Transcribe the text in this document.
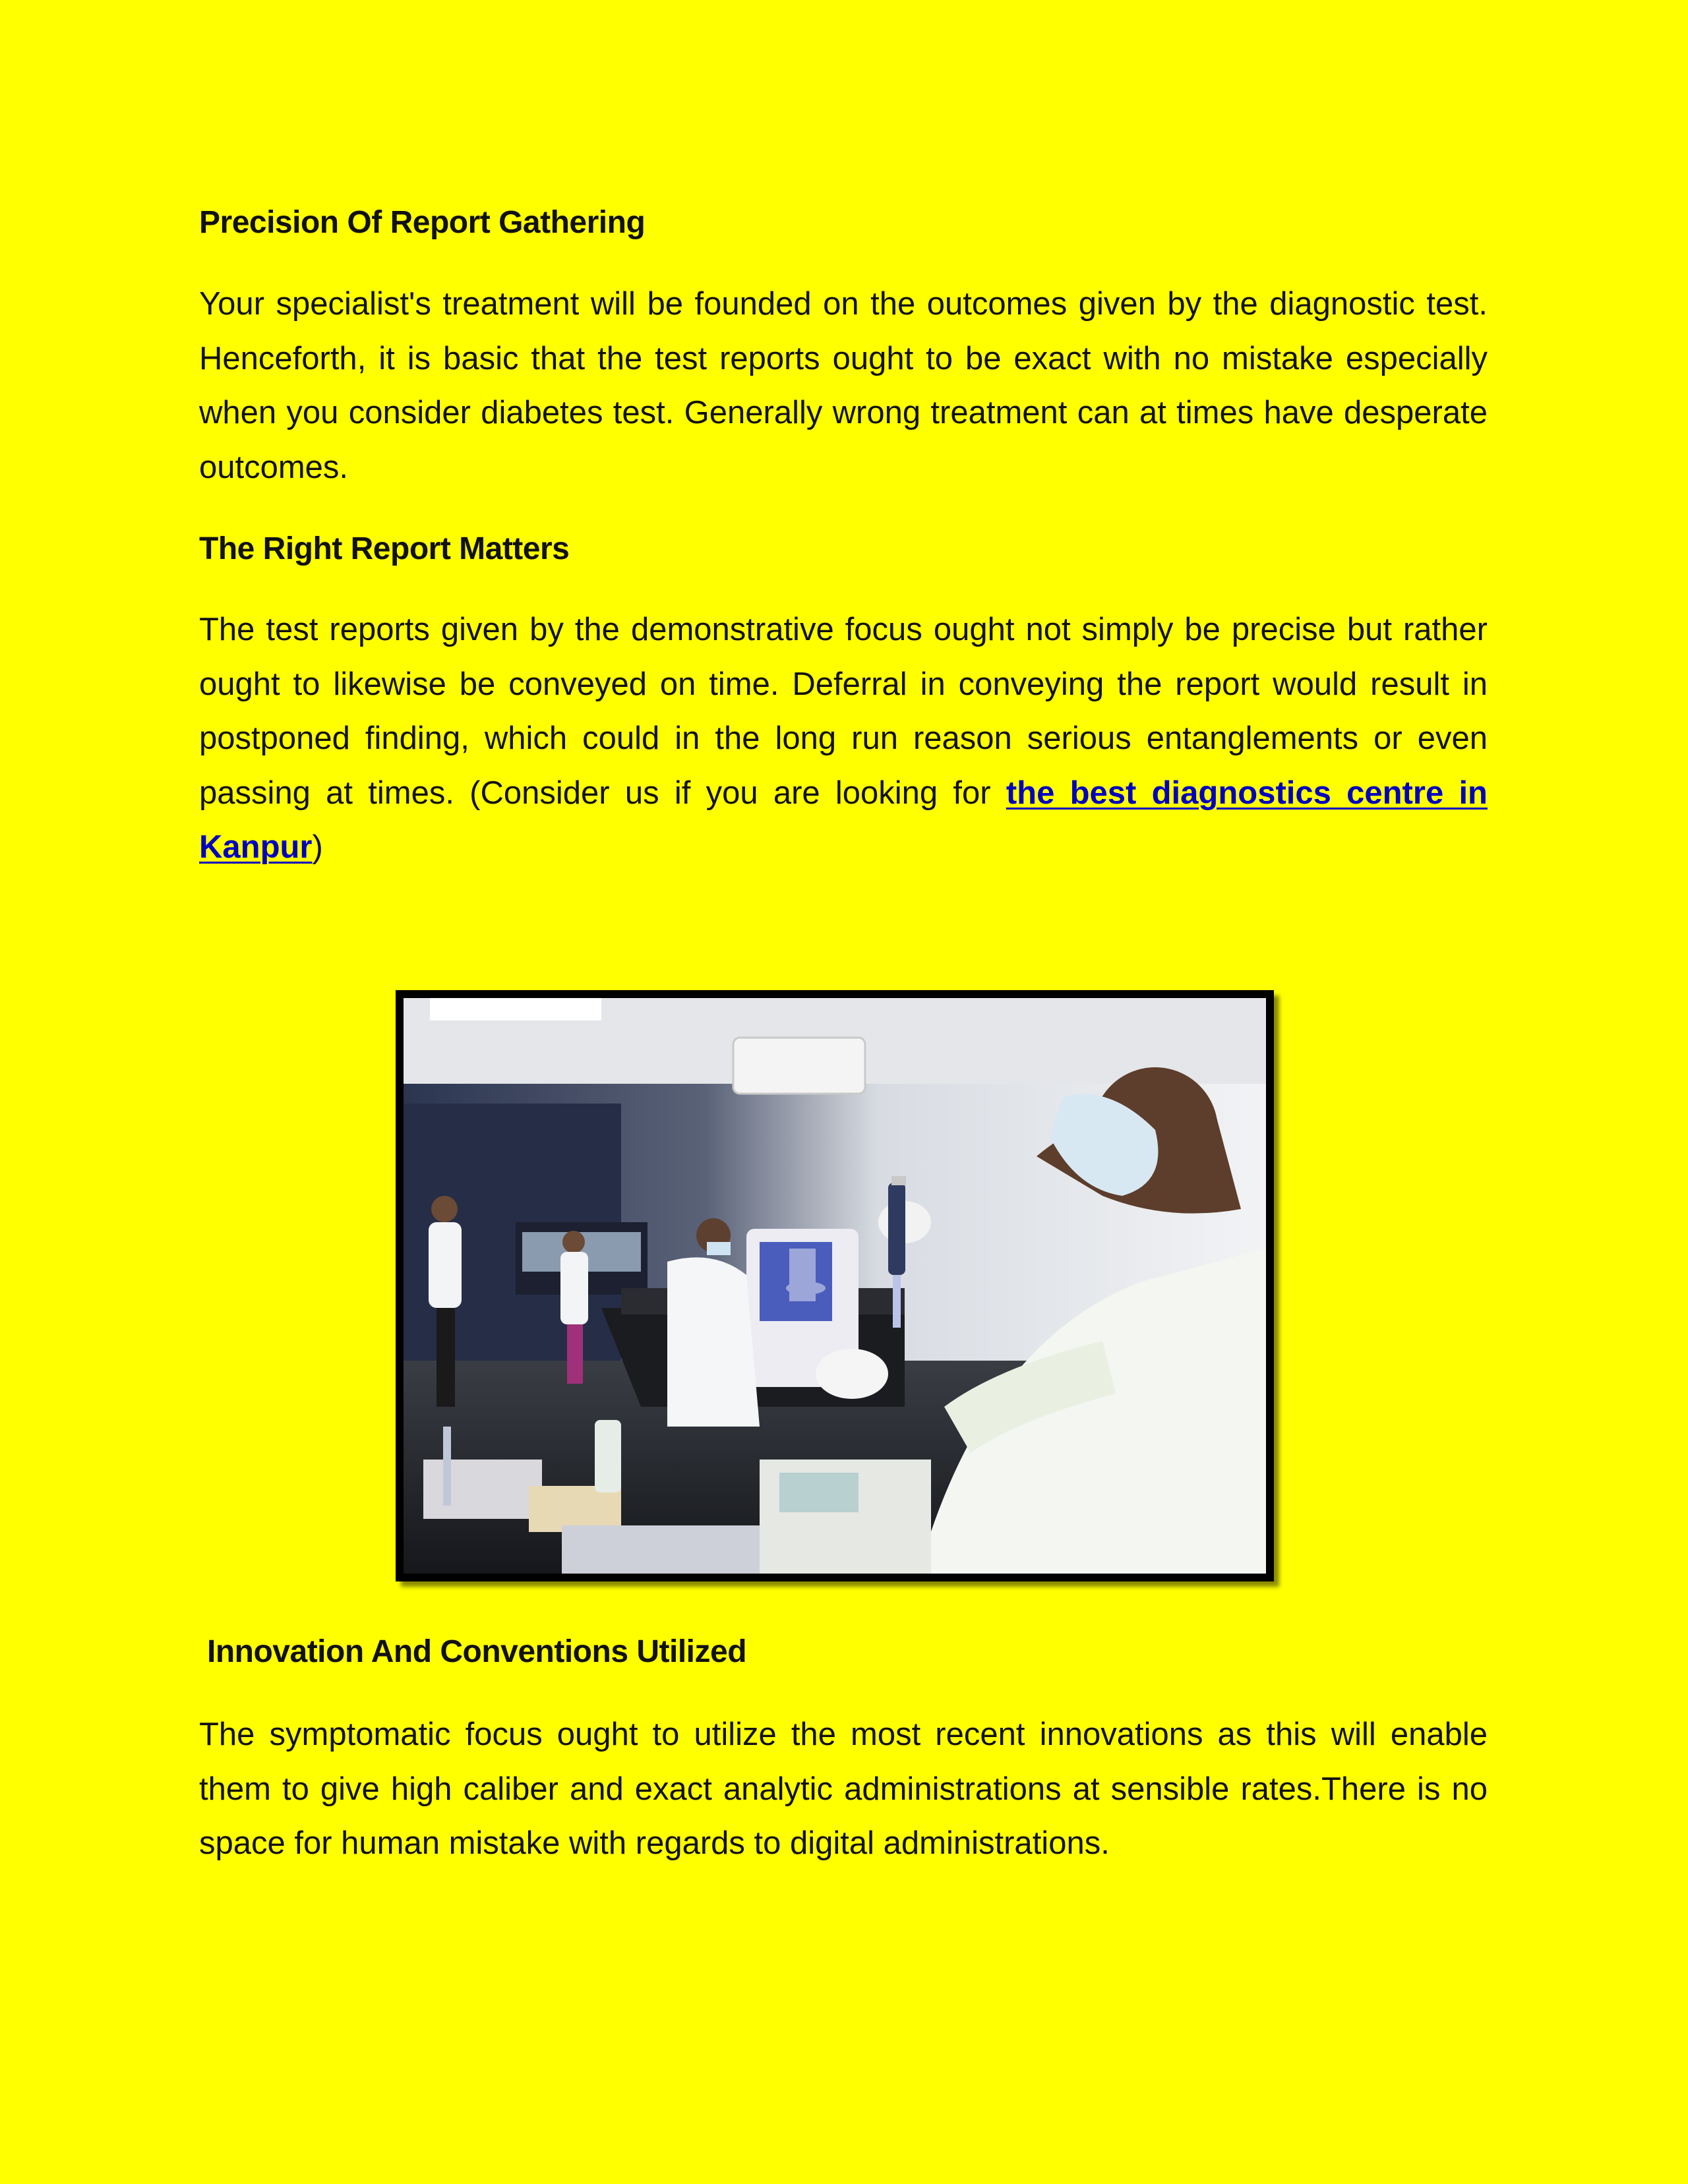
Precision Of Report Gathering

Your specialist's treatment will be founded on the outcomes given by the diagnostic test. Henceforth, it is basic that the test reports ought to be exact with no mistake especially when you consider diabetes test. Generally wrong treatment can at times have desperate outcomes.

The Right Report Matters

The test reports given by the demonstrative focus ought not simply be precise but rather ought to likewise be conveyed on time. Deferral in conveying the report would result in postponed finding, which could in the long run reason serious entanglements or even passing at times. (Consider us if you are looking for the best diagnostics centre in Kanpur)

Innovation And Conventions Utilized

The symptomatic focus ought to utilize the most recent innovations as this will enable them to give high caliber and exact analytic administrations at sensible rates.There is no space for human mistake with regards to digital administrations.
